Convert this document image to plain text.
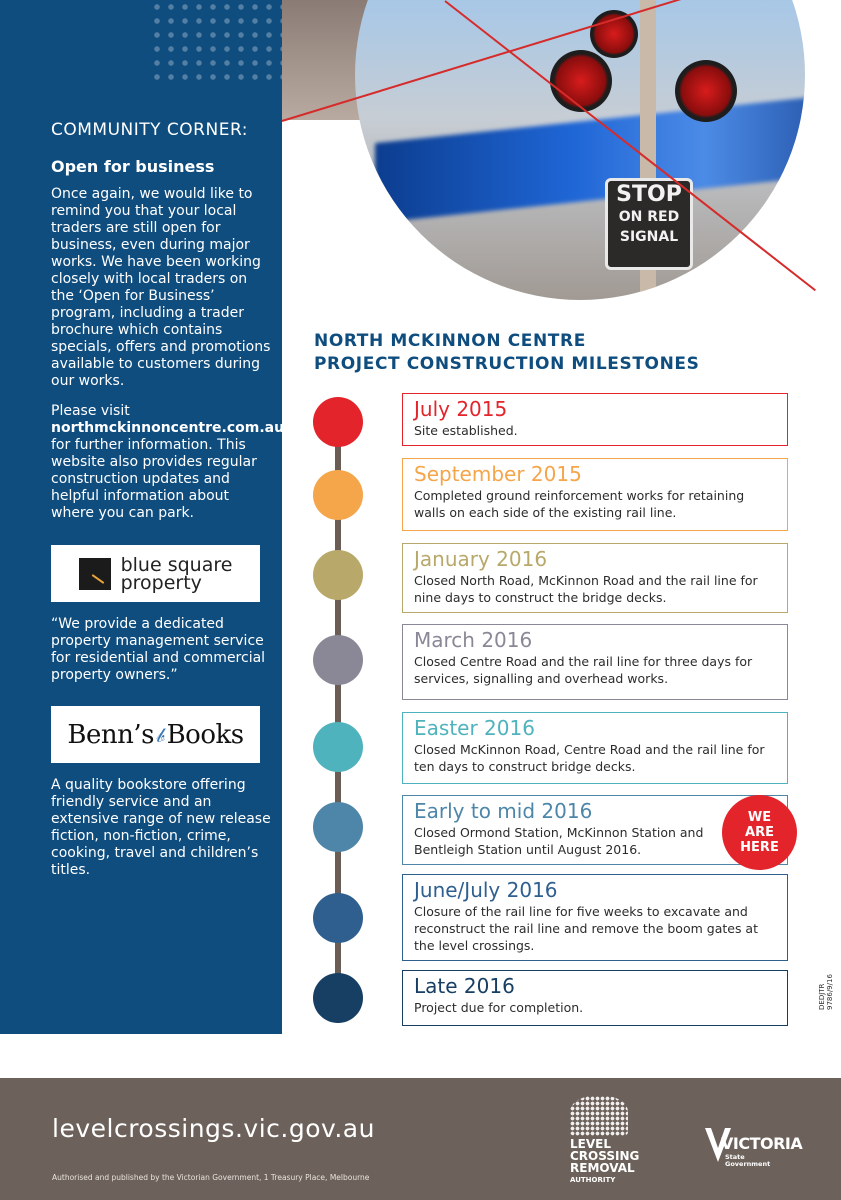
COMMUNITY CORNER:
Open for business

Once again, we would like to remind you that your local traders are still open for business, even during major works. We have been working closely with local traders on the ‘Open for Business’ program, including a trader brochure which contains specials, offers and promotions available to customers during our works.

Please visit
northmckinnoncentre.com.au
for further information. This website also provides regular construction updates and helpful information about where you can park.

blue square
property

“We provide a dedicated property management service for residential and commercial property owners.”

Benn’s 𝒷 Books

A quality bookstore offering friendly service and an extensive range of new release fiction, non-fiction, crime, cooking, travel and children’s titles.

STOP
ON RED
SIGNAL
NORTH MCKINNON CENTRE
PROJECT CONSTRUCTION MILESTONES
July 2015
Site established.
September 2015
Completed ground reinforcement works for retaining walls on each side of the existing rail line.
January 2016
Closed North Road, McKinnon Road and the rail line for nine days to construct the bridge decks.
March 2016
Closed Centre Road and the rail line for three days for services, signalling and overhead works.
Easter 2016
Closed McKinnon Road, Centre Road and the rail line for ten days to construct bridge decks.
Early to mid 2016
Closed Ormond Station, McKinnon Station and Bentleigh Station until August 2016.
June/July 2016
Closure of the rail line for five weeks to excavate and reconstruct the rail line and remove the boom gates at the level crossings.
Late 2016
Project due for completion.
WE
ARE
HERE
DEDJTR 9786/9/16
levelcrossings.vic.gov.au
Authorised and published by the Victorian Government, 1 Treasury Place, Melbourne
LEVEL
CROSSING
REMOVAL
AUTHORITY
VICTORIA
State
Government
